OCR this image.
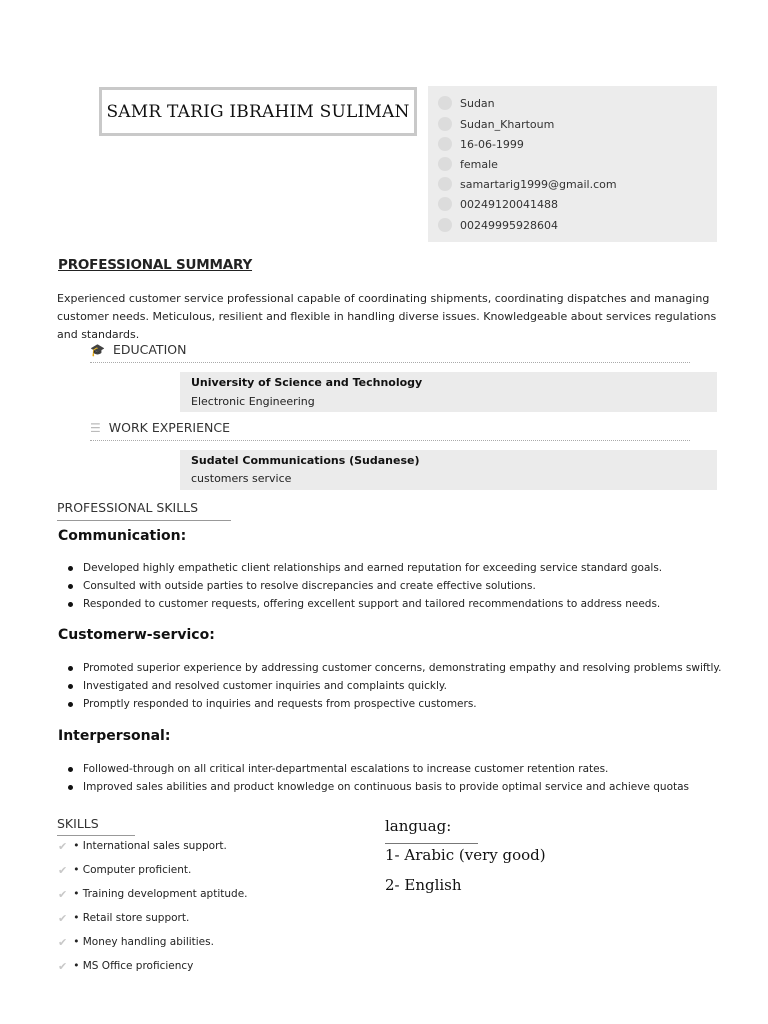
SAMR TARIG IBRAHIM SULIMAN	Sudan
Sudan_Khartoum
16-06-1999
female
samartarig1999@gmail.com
00249120041488
00249995928604
PROFESSIONAL SUMMARY
Experienced customer service professional capable of coordinating shipments, coordinating dispatches and managing customer needs. Meticulous, resilient and flexible in handling diverse issues. Knowledgeable about services regulations and standards.
🎓 EDUCATION
University of Science and Technology
Electronic Engineering
☰ WORK EXPERIENCE
Sudatel Communications (Sudanese)
customers service
PROFESSIONAL SKILLS
Communication:
Developed highly empathetic client relationships and earned reputation for exceeding service standard goals.
Consulted with outside parties to resolve discrepancies and create effective solutions.
Responded to customer requests, offering excellent support and tailored recommendations to address needs.
Customerw-servico:
Promoted superior experience by addressing customer concerns, demonstrating empathy and resolving problems swiftly.
Investigated and resolved customer inquiries and complaints quickly.
Promptly responded to inquiries and requests from prospective customers.
Interpersonal:
Followed-through on all critical inter-departmental escalations to increase customer retention rates.
Improved sales abilities and product knowledge on continuous basis to provide optimal service and achieve quotas
SKILLS
✔ • International sales support.
✔ • Computer proficient.
✔ • Training development aptitude.
✔ • Retail store support.
✔ • Money handling abilities.
✔ • MS Office proficiency
languag:
1- Arabic (very good)
2- English
